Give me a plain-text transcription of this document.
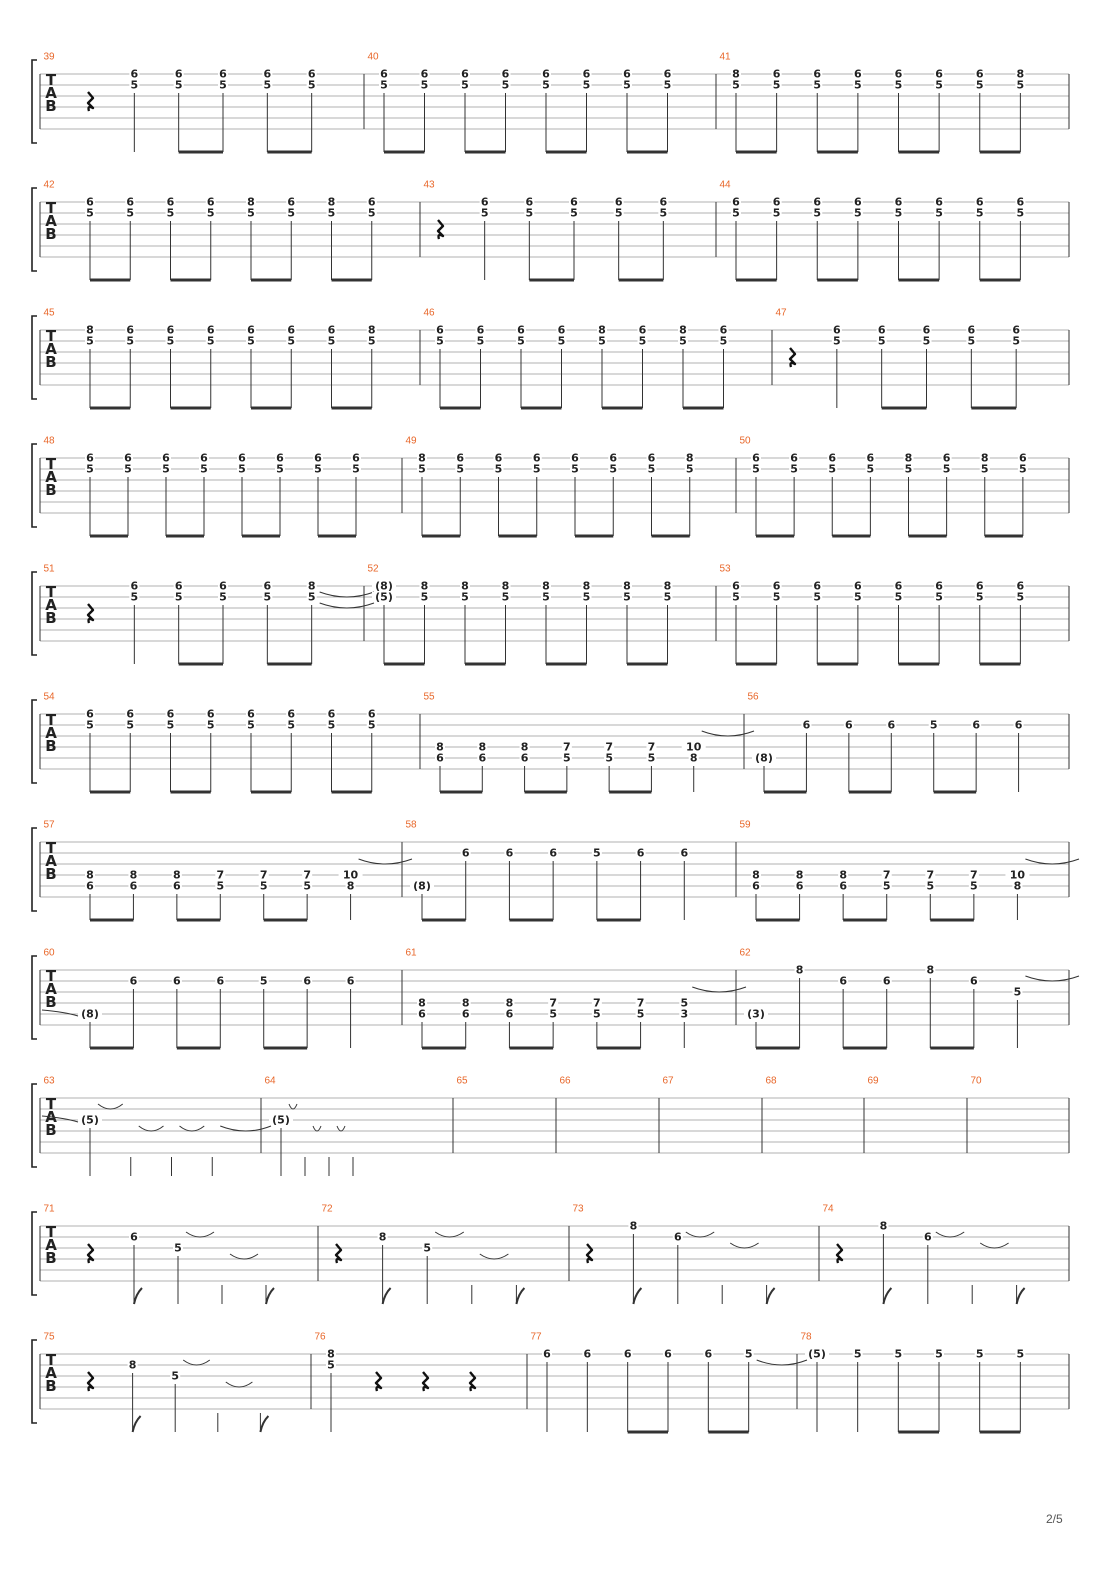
T
A
B
39
6
5
6
5
6
5
6
5
6
5
40
6
5
6
5
6
5
6
5
6
5
6
5
6
5
6
5
41
8
5
6
5
6
5
6
5
6
5
6
5
6
5
8
5
T
A
B
42
6
5
6
5
6
5
6
5
8
5
6
5
8
5
6
5
43
6
5
6
5
6
5
6
5
6
5
44
6
5
6
5
6
5
6
5
6
5
6
5
6
5
6
5
T
A
B
45
8
5
6
5
6
5
6
5
6
5
6
5
6
5
8
5
46
6
5
6
5
6
5
6
5
8
5
6
5
8
5
6
5
47
6
5
6
5
6
5
6
5
6
5
T
A
B
48
6
5
6
5
6
5
6
5
6
5
6
5
6
5
6
5
49
8
5
6
5
6
5
6
5
6
5
6
5
6
5
8
5
50
6
5
6
5
6
5
6
5
8
5
6
5
8
5
6
5
T
A
B
51
6
5
6
5
6
5
6
5
8
5
52
(8)
(5)
8
5
8
5
8
5
8
5
8
5
8
5
8
5
53
6
5
6
5
6
5
6
5
6
5
6
5
6
5
6
5
T
A
B
54
6
5
6
5
6
5
6
5
6
5
6
5
6
5
6
5
55
8
6
8
6
8
6
7
5
7
5
7
5
10
8
56
(8)
6	6	6	5	6	6
T
A
B
57
8
6
8
6
8
6
7
5
7
5
7
5
10
8
58
(8)
6	6	6	5	6	6
59
8
6
8
6
8
6
7
5
7
5
7
5
10
8
T
A
B
60
(8)
6	6	6	5	6	6
61
8
6
8
6
8
6
7
5
7
5
7
5
5
3
62
(3)
8
6	6
8
6
5
T
A
B
63
(5)
64
(5)
65	66	67	68	69	70
T
A
B
71
6
5
72
8
5
73
8
6
74
8
6
T
A
B
75
8
5
76
8
5
77
6	6	6	6	6	5
78
(5)	5	5	5	5	5
2/5
